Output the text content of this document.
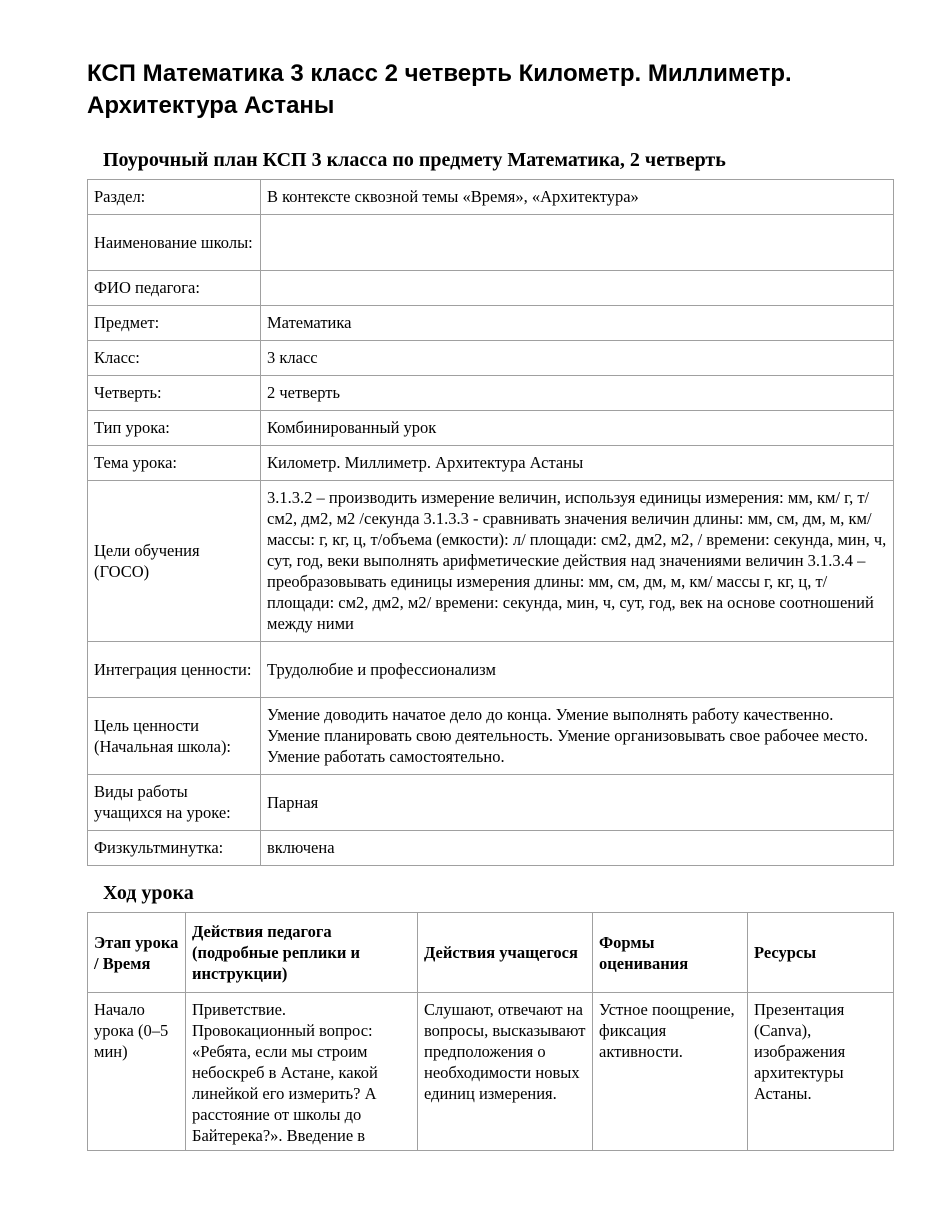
КСП Математика 3 класс 2 четверть Километр. Миллиметр. Архитектура Астаны
Поурочный план КСП 3 класса по предмету Математика, 2 четверть
Раздел:	В контексте сквозной темы «Время», «Архитектура»
Наименование школы:	
ФИО педагога:	
Предмет:	Математика
Класс:	3 класс
Четверть:	2 четверть
Тип урока:	Комбинированный урок
Тема урока:	Километр. Миллиметр. Архитектура Астаны
Цели обучения (ГОСО)	3.1.3.2 – производить измерение величин, используя единицы измерения: мм, км/ г, т/см2, дм2, м2 /секунда 3.1.3.3 - сравнивать значения величин длины: мм, см, дм, м, км/массы: г, кг, ц, т/объема (емкости): л/ площади: см2, дм2, м2, / времени: секунда, мин, ч, сут, год, веки выполнять арифметические действия над значениями величин 3.1.3.4 – преобразовывать единицы измерения длины: мм, см, дм, м, км/ массы г, кг, ц, т/ площади: см2, дм2, м2/ времени: секунда, мин, ч, сут, год, век на основе соотношений между ними
Интеграция ценности:	Трудолюбие и профессионализм
Цель ценности (Начальная школа):	Умение доводить начатое дело до конца. Умение выполнять работу качественно. Умение планировать свою деятельность. Умение организовывать свое рабочее место. Умение работать самостоятельно.
Виды работы учащихся на уроке:	Парная
Физкультминутка:	включена
Ход урока
Этап урока / Время	Действия педагога (подробные реплики и инструкции)	Действия учащегося	Формы оценивания	Ресурсы
Начало урока (0–5 мин)	Приветствие. Провокационный вопрос: «Ребята, если мы строим небоскреб в Астане, какой линейкой его измерить? А расстояние от школы до Байтерека?». Введение в	Слушают, отвечают на вопросы, высказывают предположения о необходимости новых единиц измерения.	Устное поощрение, фиксация активности.	Презентация (Canva), изображения архитектуры Астаны.
